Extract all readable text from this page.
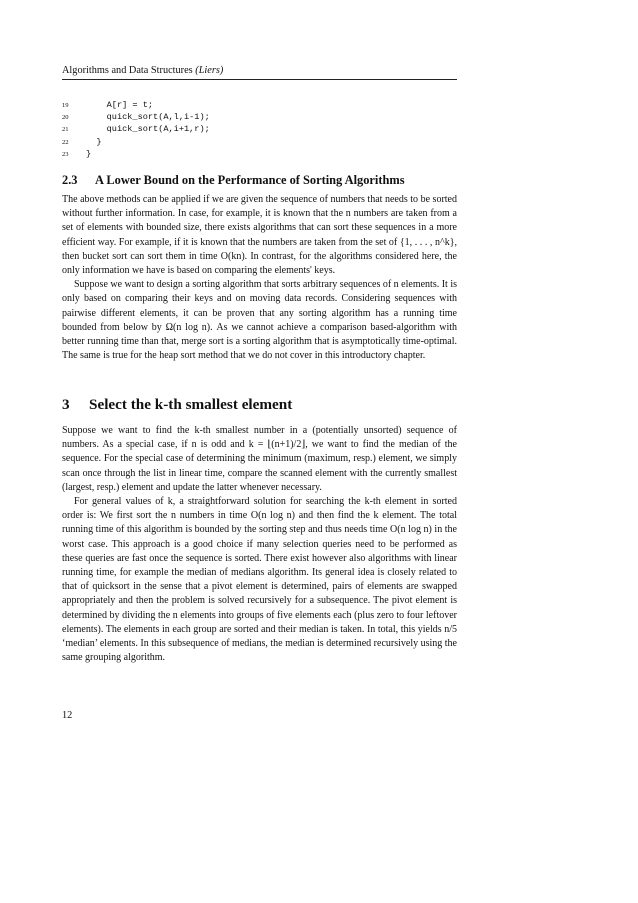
Algorithms and Data Structures (Liers)
19    A[r] = t;
20    quick_sort(A,l,i-1);
21    quick_sort(A,i+1,r);
22  }
23 }
2.3 A Lower Bound on the Performance of Sorting Algorithms

The above methods can be applied if we are given the sequence of numbers that needs to be sorted without further information. In case, for example, it is known that the n numbers are taken from a set of elements with bounded size, there exists algorithms that can sort these sequences in a more efficient way. For example, if it is known that the numbers are taken from the set of {1, . . . , n^k}, then bucket sort can sort them in time O(kn). In contrast, for the algorithms considered here, the only information we have is based on comparing the elements' keys.

Suppose we want to design a sorting algorithm that sorts arbitrary sequences of n elements. It is only based on comparing their keys and on moving data records. Considering sequences with pairwise different elements, it can be proven that any sorting algorithm has a running time bounded from below by Ω(n log n). As we cannot achieve a comparison based-algorithm with better running time than that, merge sort is a sorting algorithm that is asymptotically time-optimal. The same is true for the heap sort method that we do not cover in this introductory chapter.

3 Select the k-th smallest element

Suppose we want to find the k-th smallest number in a (potentially unsorted) sequence of numbers. As a special case, if n is odd and k = ⌊(n+1)/2⌋, we want to find the median of the sequence. For the special case of determining the minimum (maximum, resp.) element, we simply scan once through the list in linear time, compare the scanned element with the currently smallest (largest, resp.) element and update the latter whenever necessary.

For general values of k, a straightforward solution for searching the k-th element in sorted order is: We first sort the n numbers in time O(n log n) and then find the k element. The total running time of this algorithm is bounded by the sorting step and thus needs time O(n log n) in the worst case. This approach is a good choice if many selection queries need to be performed as these queries are fast once the sequence is sorted. There exist however also algorithms with linear running time, for example the median of medians algorithm. Its general idea is closely related to that of quicksort in the sense that a pivot element is determined, pairs of elements are swapped appropriately and then the problem is solved recursively for a subsequence. The pivot element is determined by dividing the n elements into groups of five elements each (plus zero to four leftover elements). The elements in each group are sorted and their median is taken. In total, this yields n/5 ‘median’ elements. In this subsequence of medians, the median is determined recursively using the same grouping algorithm.

12
